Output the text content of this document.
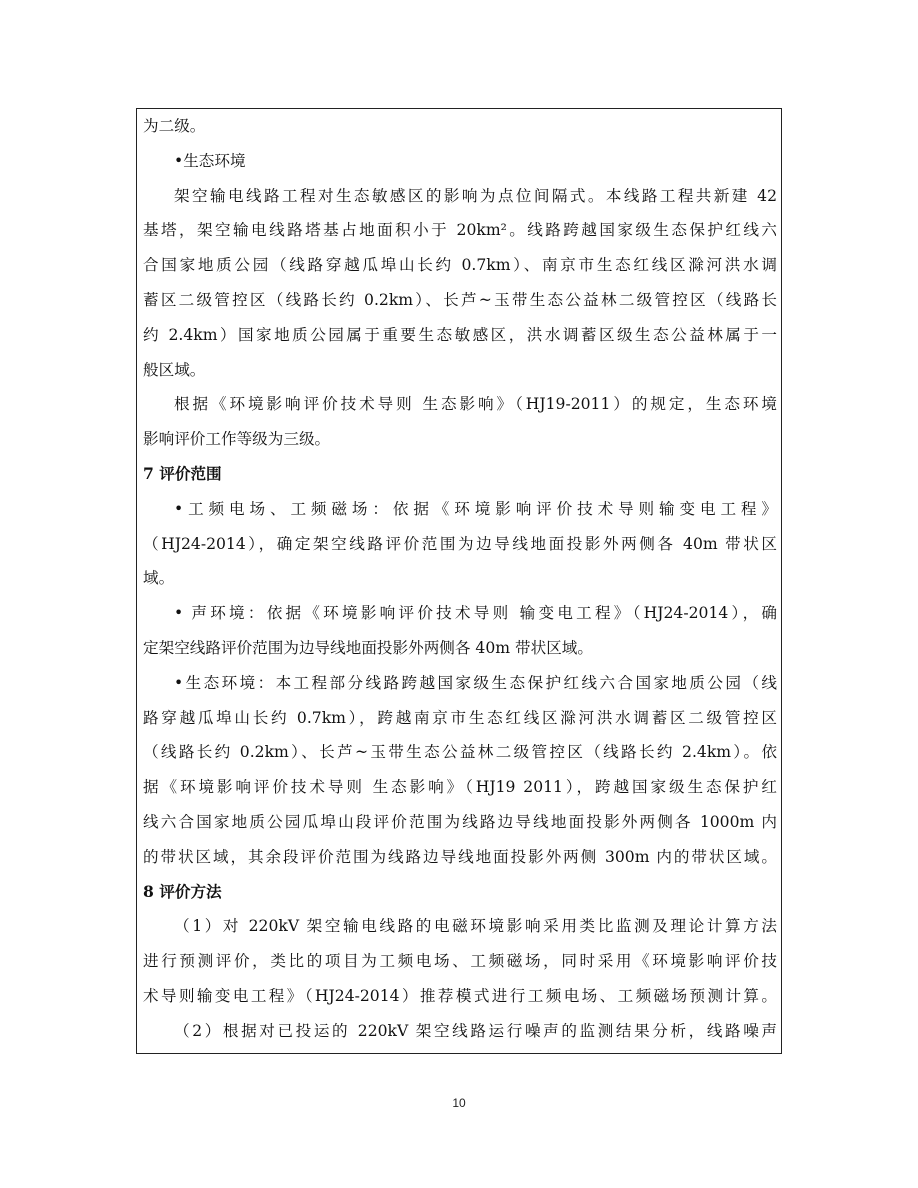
为二级。
•生态环境
架空输电线路工程对生态敏感区的影响为点位间隔式。本线路工程共新建 42
基塔，架空输电线路塔基占地面积小于 20km²。线路跨越国家级生态保护红线六
合国家地质公园（线路穿越瓜埠山长约 0.7km）、南京市生态红线区滁河洪水调
蓄区二级管控区（线路长约 0.2km）、长芦~玉带生态公益林二级管控区（线路长
约 2.4km）国家地质公园属于重要生态敏感区，洪水调蓄区级生态公益林属于一
般区域。
根据《环境影响评价技术导则 生态影响》（HJ19-2011）的规定，生态环境
影响评价工作等级为三级。
7 评价范围
•工频电场、工频磁场：依据《环境影响评价技术导则输变电工程》
（HJ24-2014），确定架空线路评价范围为边导线地面投影外两侧各 40m 带状区
域。
• 声环境：依据《环境影响评价技术导则 输变电工程》（HJ24-2014），确
定架空线路评价范围为边导线地面投影外两侧各 40m 带状区域。
•生态环境：本工程部分线路跨越国家级生态保护红线六合国家地质公园（线
路穿越瓜埠山长约 0.7km），跨越南京市生态红线区滁河洪水调蓄区二级管控区
（线路长约 0.2km）、长芦~玉带生态公益林二级管控区（线路长约 2.4km）。依
据《环境影响评价技术导则 生态影响》（HJ19 2011），跨越国家级生态保护红
线六合国家地质公园瓜埠山段评价范围为线路边导线地面投影外两侧各 1000m 内
的带状区域，其余段评价范围为线路边导线地面投影外两侧 300m 内的带状区域。
8 评价方法
（1）对 220kV 架空输电线路的电磁环境影响采用类比监测及理论计算方法
进行预测评价，类比的项目为工频电场、工频磁场，同时采用《环境影响评价技
术导则输变电工程》（HJ24-2014）推荐模式进行工频电场、工频磁场预测计算。
（2）根据对已投运的 220kV 架空线路运行噪声的监测结果分析，线路噪声
10
